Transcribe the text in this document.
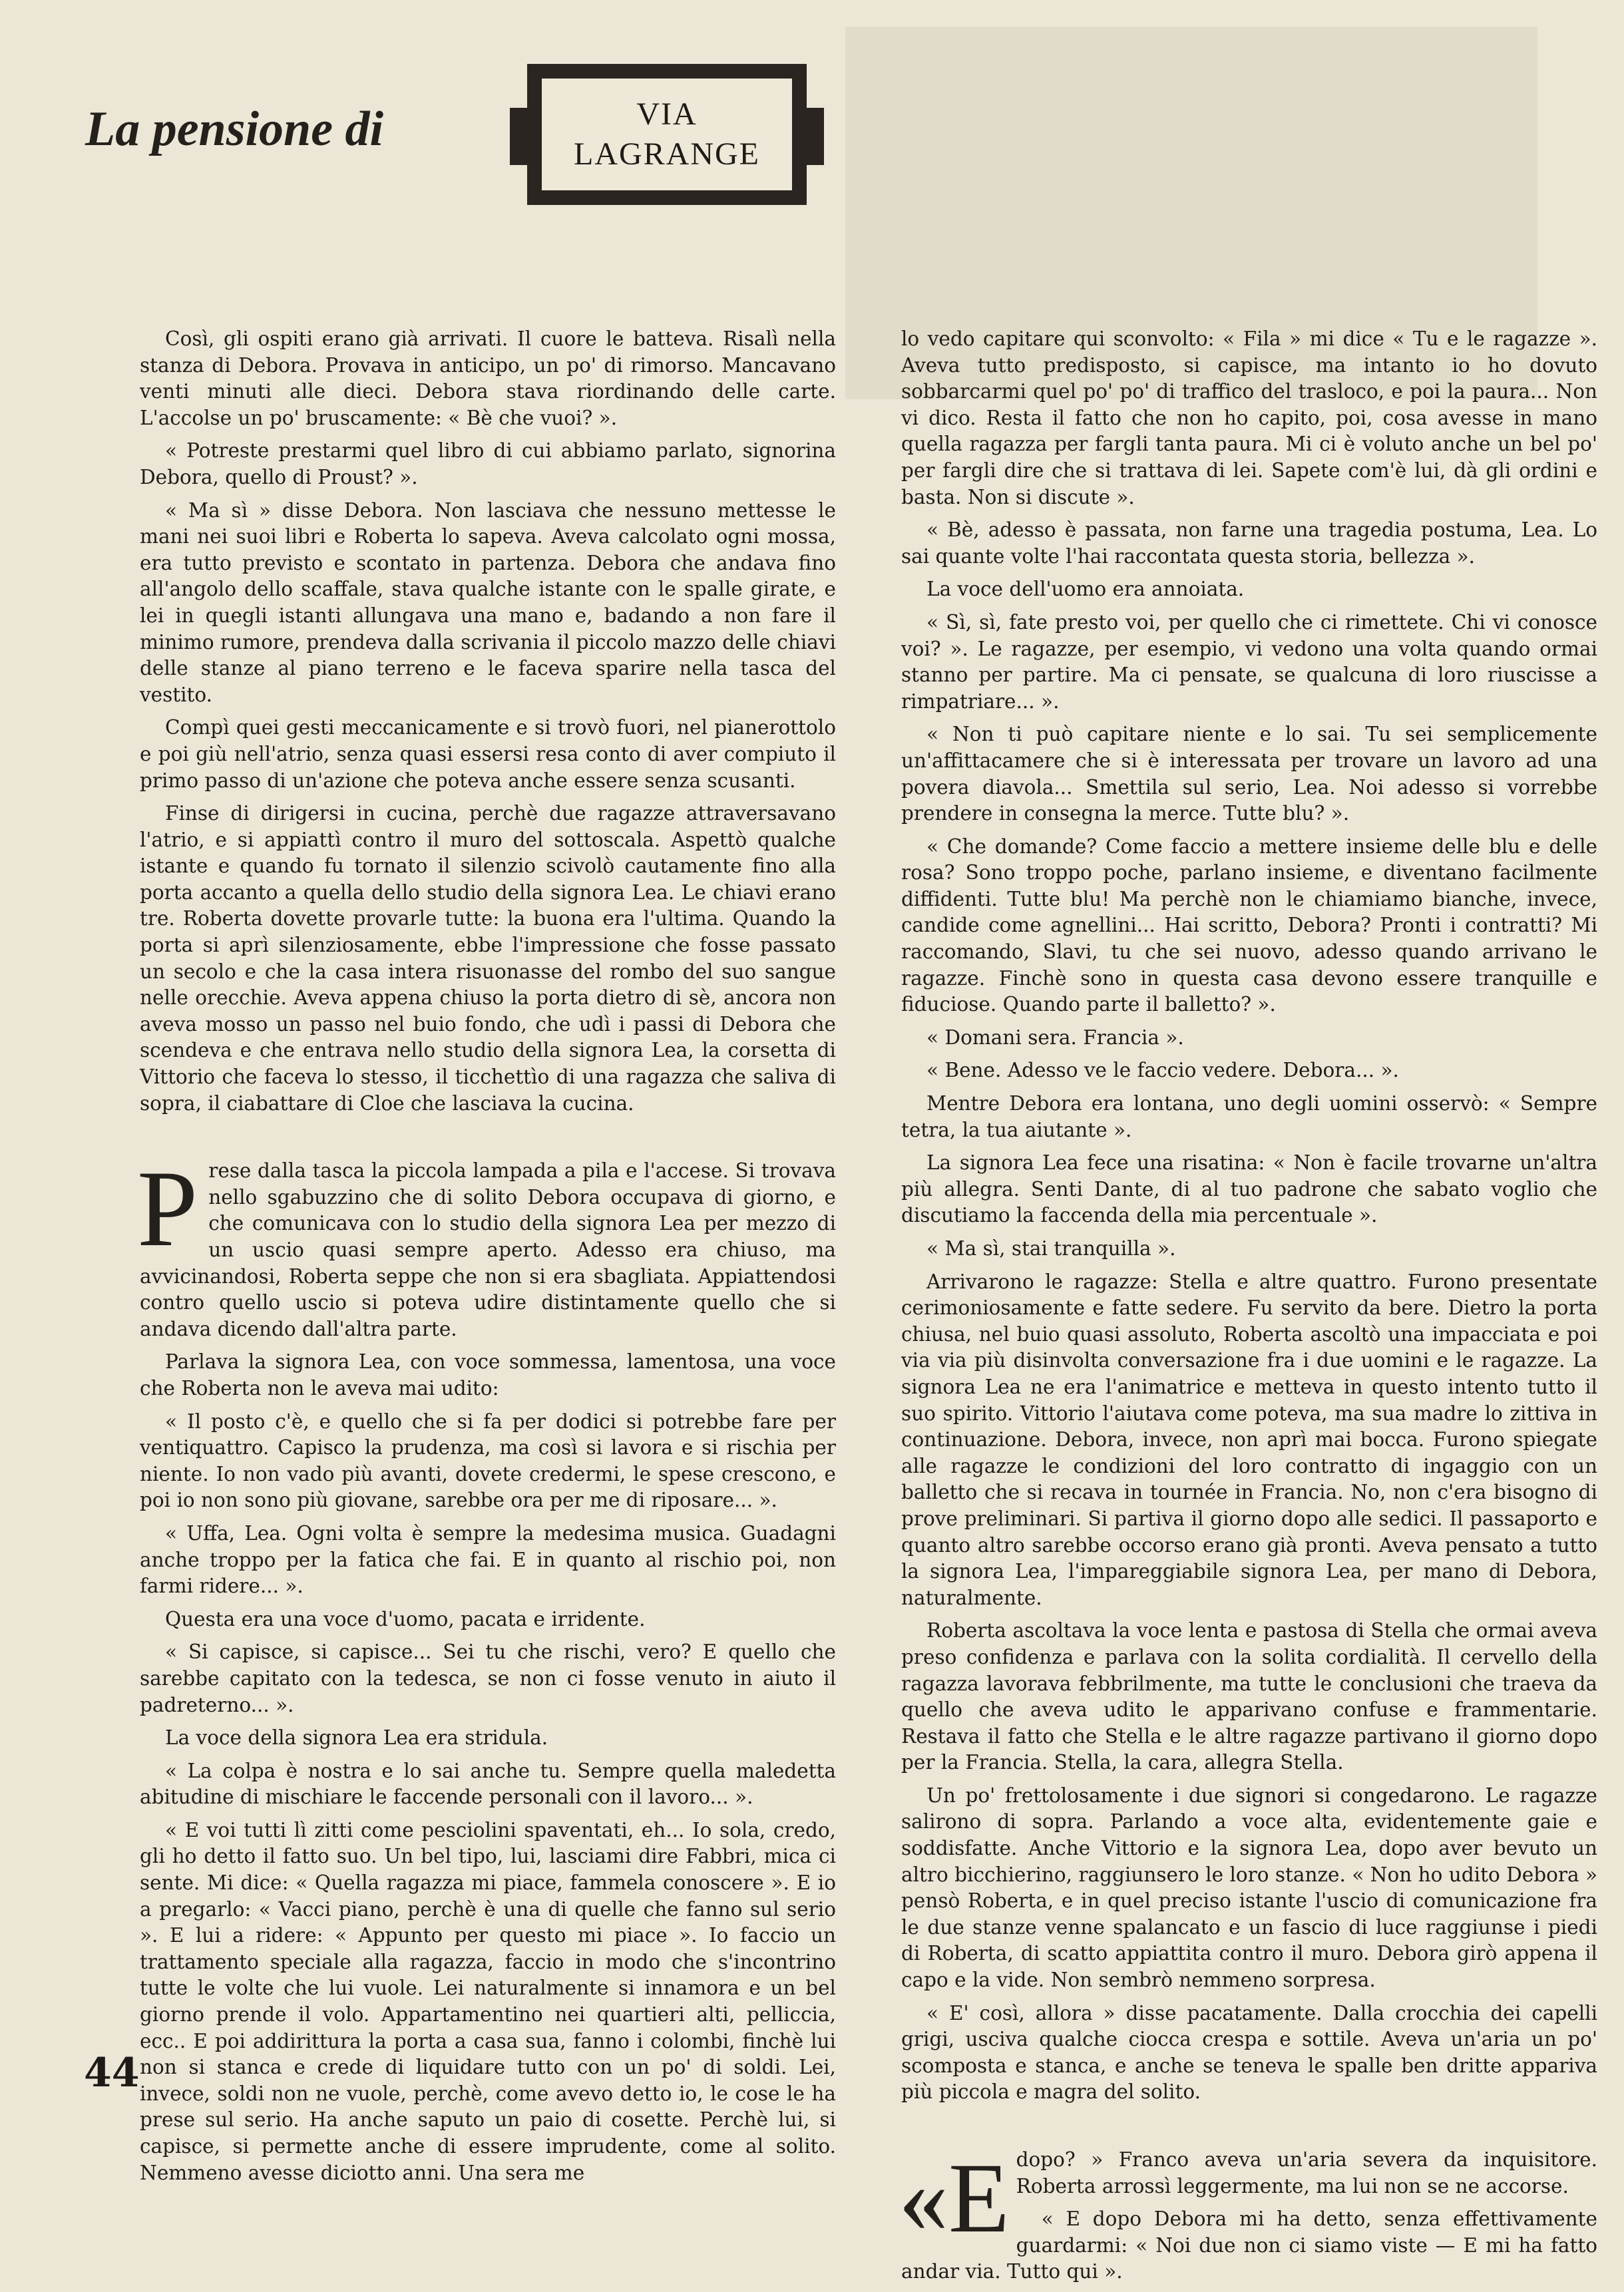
La pensione di	VIA
LAGRANGE

Così, gli ospiti erano già arrivati. Il cuore le batteva. Risalì nella stanza di Debora. Provava in anticipo, un po' di rimorso. Mancavano venti minuti alle dieci. Debora stava riordinando delle carte. L'accolse un po' bruscamente: « Bè che vuoi? ».

« Potreste prestarmi quel libro di cui abbiamo parlato, signorina Debora, quello di Proust? ».

« Ma sì » disse Debora. Non lasciava che nessuno mettesse le mani nei suoi libri e Roberta lo sapeva. Aveva calcolato ogni mossa, era tutto previsto e scontato in partenza. Debora che andava fino all'angolo dello scaffale, stava qualche istante con le spalle girate, e lei in quegli istanti allungava una mano e, badando a non fare il minimo rumore, prendeva dalla scrivania il piccolo mazzo delle chiavi delle stanze al piano terreno e le faceva sparire nella tasca del vestito.

Compì quei gesti meccanicamente e si trovò fuori, nel pianerottolo e poi giù nell'atrio, senza quasi essersi resa conto di aver compiuto il primo passo di un'azione che poteva anche essere senza scusanti.

Finse di dirigersi in cucina, perchè due ragazze attraversavano l'atrio, e si appiattì contro il muro del sottoscala. Aspettò qualche istante e quando fu tornato il silenzio scivolò cautamente fino alla porta accanto a quella dello studio della signora Lea. Le chiavi erano tre. Roberta dovette provarle tutte: la buona era l'ultima. Quando la porta si aprì silenziosamente, ebbe l'impressione che fosse passato un secolo e che la casa intera risuonasse del rombo del suo sangue nelle orecchie. Aveva appena chiuso la porta dietro di sè, ancora non aveva mosso un passo nel buio fondo, che udì i passi di Debora che scendeva e che entrava nello studio della signora Lea, la corsetta di Vittorio che faceva lo stesso, il ticchettìo di una ragazza che saliva di sopra, il ciabattare di Cloe che lasciava la cucina.

Prese dalla tasca la piccola lampada a pila e l'accese. Si trovava nello sgabuzzino che di solito Debora occupava di giorno, e che comunicava con lo studio della signora Lea per mezzo di un uscio quasi sempre aperto. Adesso era chiuso, ma avvicinandosi, Roberta seppe che non si era sbagliata. Appiattendosi contro quello uscio si poteva udire distintamente quello che si andava dicendo dall'altra parte.

Parlava la signora Lea, con voce sommessa, lamentosa, una voce che Roberta non le aveva mai udito:

« Il posto c'è, e quello che si fa per dodici si potrebbe fare per ventiquattro. Capisco la prudenza, ma così si lavora e si rischia per niente. Io non vado più avanti, dovete credermi, le spese crescono, e poi io non sono più giovane, sarebbe ora per me di riposare... ».

« Uffa, Lea. Ogni volta è sempre la medesima musica. Guadagni anche troppo per la fatica che fai. E in quanto al rischio poi, non farmi ridere... ».

Questa era una voce d'uomo, pacata e irridente.

« Si capisce, si capisce... Sei tu che rischi, vero? E quello che sarebbe capitato con la tedesca, se non ci fosse venuto in aiuto il padreterno... ».

La voce della signora Lea era stridula.

« La colpa è nostra e lo sai anche tu. Sempre quella maledetta abitudine di mischiare le faccende personali con il lavoro... ».

« E voi tutti lì zitti come pesciolini spaventati, eh... Io sola, credo, gli ho detto il fatto suo. Un bel tipo, lui, lasciami dire Fabbri, mica ci sente. Mi dice: « Quella ragazza mi piace, fammela conoscere ». E io a pregarlo: « Vacci piano, perchè è una di quelle che fanno sul serio ». E lui a ridere: « Appunto per questo mi piace ». Io faccio un trattamento speciale alla ragazza, faccio in modo che s'incontrino tutte le volte che lui vuole. Lei naturalmente si innamora e un bel giorno prende il volo. Appartamentino nei quartieri alti, pelliccia, ecc.. E poi addirittura la porta a casa sua, fanno i colombi, finchè lui non si stanca e crede di liquidare tutto con un po' di soldi. Lei, invece, soldi non ne vuole, perchè, come avevo detto io, le cose le ha prese sul serio. Ha anche saputo un paio di cosette. Perchè lui, si capisce, si permette anche di essere imprudente, come al solito. Nemmeno avesse diciotto anni. Una sera me

lo vedo capitare qui sconvolto: « Fila » mi dice « Tu e le ragazze ». Aveva tutto predisposto, si capisce, ma intanto io ho dovuto sobbarcarmi quel po' po' di traffico del trasloco, e poi la paura... Non vi dico. Resta il fatto che non ho capito, poi, cosa avesse in mano quella ragazza per fargli tanta paura. Mi ci è voluto anche un bel po' per fargli dire che si trattava di lei. Sapete com'è lui, dà gli ordini e basta. Non si discute ».

« Bè, adesso è passata, non farne una tragedia postuma, Lea. Lo sai quante volte l'hai raccontata questa storia, bellezza ».

La voce dell'uomo era annoiata.

« Sì, sì, fate presto voi, per quello che ci rimettete. Chi vi conosce voi? ». Le ragazze, per esempio, vi vedono una volta quando ormai stanno per partire. Ma ci pensate, se qualcuna di loro riuscisse a rimpatriare... ».

« Non ti può capitare niente e lo sai. Tu sei semplicemente un'affittacamere che si è interessata per trovare un lavoro ad una povera diavola... Smettila sul serio, Lea. Noi adesso si vorrebbe prendere in consegna la merce. Tutte blu? ».

« Che domande? Come faccio a mettere insieme delle blu e delle rosa? Sono troppo poche, parlano insieme, e diventano facilmente diffidenti. Tutte blu! Ma perchè non le chiamiamo bianche, invece, candide come agnellini... Hai scritto, Debora? Pronti i contratti? Mi raccomando, Slavi, tu che sei nuovo, adesso quando arrivano le ragazze. Finchè sono in questa casa devono essere tranquille e fiduciose. Quando parte il balletto? ».

« Domani sera. Francia ».

« Bene. Adesso ve le faccio vedere. Debora... ».

Mentre Debora era lontana, uno degli uomini osservò: « Sempre tetra, la tua aiutante ».

La signora Lea fece una risatina: « Non è facile trovarne un'altra più allegra. Senti Dante, di al tuo padrone che sabato voglio che discutiamo la faccenda della mia percentuale ».

« Ma sì, stai tranquilla ».

Arrivarono le ragazze: Stella e altre quattro. Furono presentate cerimoniosamente e fatte sedere. Fu servito da bere. Dietro la porta chiusa, nel buio quasi assoluto, Roberta ascoltò una impacciata e poi via via più disinvolta conversazione fra i due uomini e le ragazze. La signora Lea ne era l'animatrice e metteva in questo intento tutto il suo spirito. Vittorio l'aiutava come poteva, ma sua madre lo zittiva in continuazione. Debora, invece, non aprì mai bocca. Furono spiegate alle ragazze le condizioni del loro contratto di ingaggio con un balletto che si recava in tournée in Francia. No, non c'era bisogno di prove preliminari. Si partiva il giorno dopo alle sedici. Il passaporto e quanto altro sarebbe occorso erano già pronti. Aveva pensato a tutto la signora Lea, l'impareggiabile signora Lea, per mano di Debora, naturalmente.

Roberta ascoltava la voce lenta e pastosa di Stella che ormai aveva preso confidenza e parlava con la solita cordialità. Il cervello della ragazza lavorava febbrilmente, ma tutte le conclusioni che traeva da quello che aveva udito le apparivano confuse e frammentarie. Restava il fatto che Stella e le altre ragazze partivano il giorno dopo per la Francia. Stella, la cara, allegra Stella.

Un po' frettolosamente i due signori si congedarono. Le ragazze salirono di sopra. Parlando a voce alta, evidentemente gaie e soddisfatte. Anche Vittorio e la signora Lea, dopo aver bevuto un altro bicchierino, raggiunsero le loro stanze. « Non ho udito Debora » pensò Roberta, e in quel preciso istante l'uscio di comunicazione fra le due stanze venne spalancato e un fascio di luce raggiunse i piedi di Roberta, di scatto appiattita contro il muro. Debora girò appena il capo e la vide. Non sembrò nemmeno sorpresa.

« E' così, allora » disse pacatamente. Dalla crocchia dei capelli grigi, usciva qualche ciocca crespa e sottile. Aveva un'aria un po' scomposta e stanca, e anche se teneva le spalle ben dritte appariva più piccola e magra del solito.

«Edopo? » Franco aveva un'aria severa da inquisitore. Roberta arrossì leggermente, ma lui non se ne accorse.

« E dopo Debora mi ha detto, senza effettivamente guardarmi: « Noi due non ci siamo viste — E mi ha fatto andar via. Tutto qui ».

44
